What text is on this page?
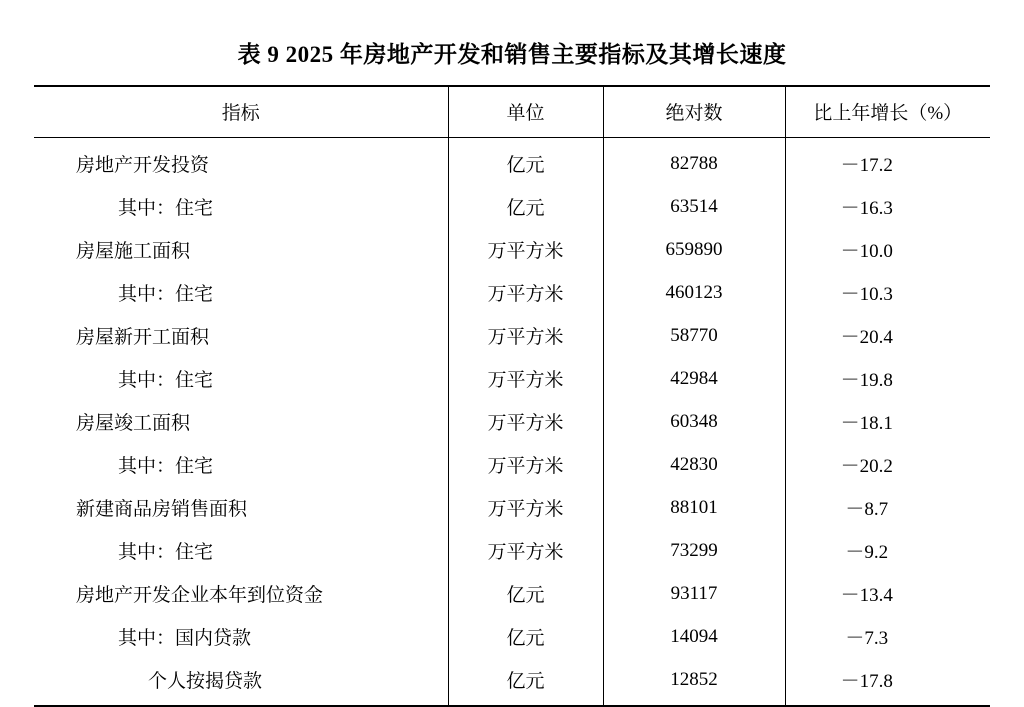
表 9 2025 年房地产开发和销售主要指标及其增长速度
指标	单位	绝对数	比上年增长（%）
房地产开发投资	亿元	82788	－17.2
其中：住宅	亿元	63514	－16.3
房屋施工面积	万平方米	659890	－10.0
其中：住宅	万平方米	460123	－10.3
房屋新开工面积	万平方米	58770	－20.4
其中：住宅	万平方米	42984	－19.8
房屋竣工面积	万平方米	60348	－18.1
其中：住宅	万平方米	42830	－20.2
新建商品房销售面积	万平方米	88101	－8.7
其中：住宅	万平方米	73299	－9.2
房地产开发企业本年到位资金	亿元	93117	－13.4
其中：国内贷款	亿元	14094	－7.3
个人按揭贷款	亿元	12852	－17.8
